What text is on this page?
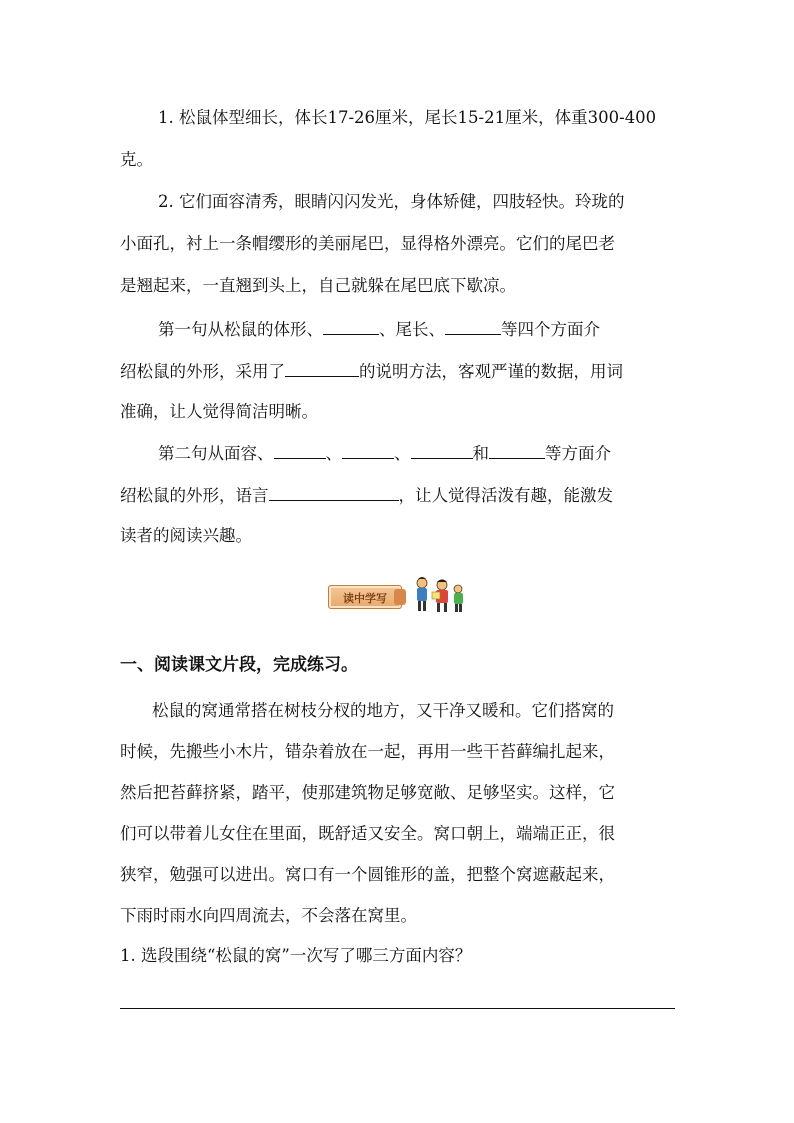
1. 松鼠体型细长，体长17-26厘米，尾长15-21厘米，体重300-400
克。
2. 它们面容清秀，眼睛闪闪发光，身体矫健，四肢轻快。玲珑的
小面孔，衬上一条帽缨形的美丽尾巴，显得格外漂亮。它们的尾巴老
是翘起来，一直翘到头上，自己就躲在尾巴底下歇凉。
第一句从松鼠的体形、	、尾长、	等四个方面介
绍松鼠的外形，采用了	的说明方法，客观严谨的数据，用词
准确，让人觉得简洁明晰。
第二句从面容、	、	、	和	等方面介
绍松鼠的外形，语言	，让人觉得活泼有趣，能激发
读者的阅读兴趣。
读中学写
一、阅读课文片段，完成练习。
松鼠的窝通常搭在树枝分杈的地方，又干净又暖和。它们搭窝的
时候，先搬些小木片，错杂着放在一起，再用一些干苔藓编扎起来，
然后把苔藓挤紧，踏平，使那建筑物足够宽敞、足够坚实。这样，它
们可以带着儿女住在里面，既舒适又安全。窝口朝上，端端正正，很
狭窄，勉强可以进出。窝口有一个圆锥形的盖，把整个窝遮蔽起来，
下雨时雨水向四周流去，不会落在窝里。
1. 选段围绕“松鼠的窝”一次写了哪三方面内容？
